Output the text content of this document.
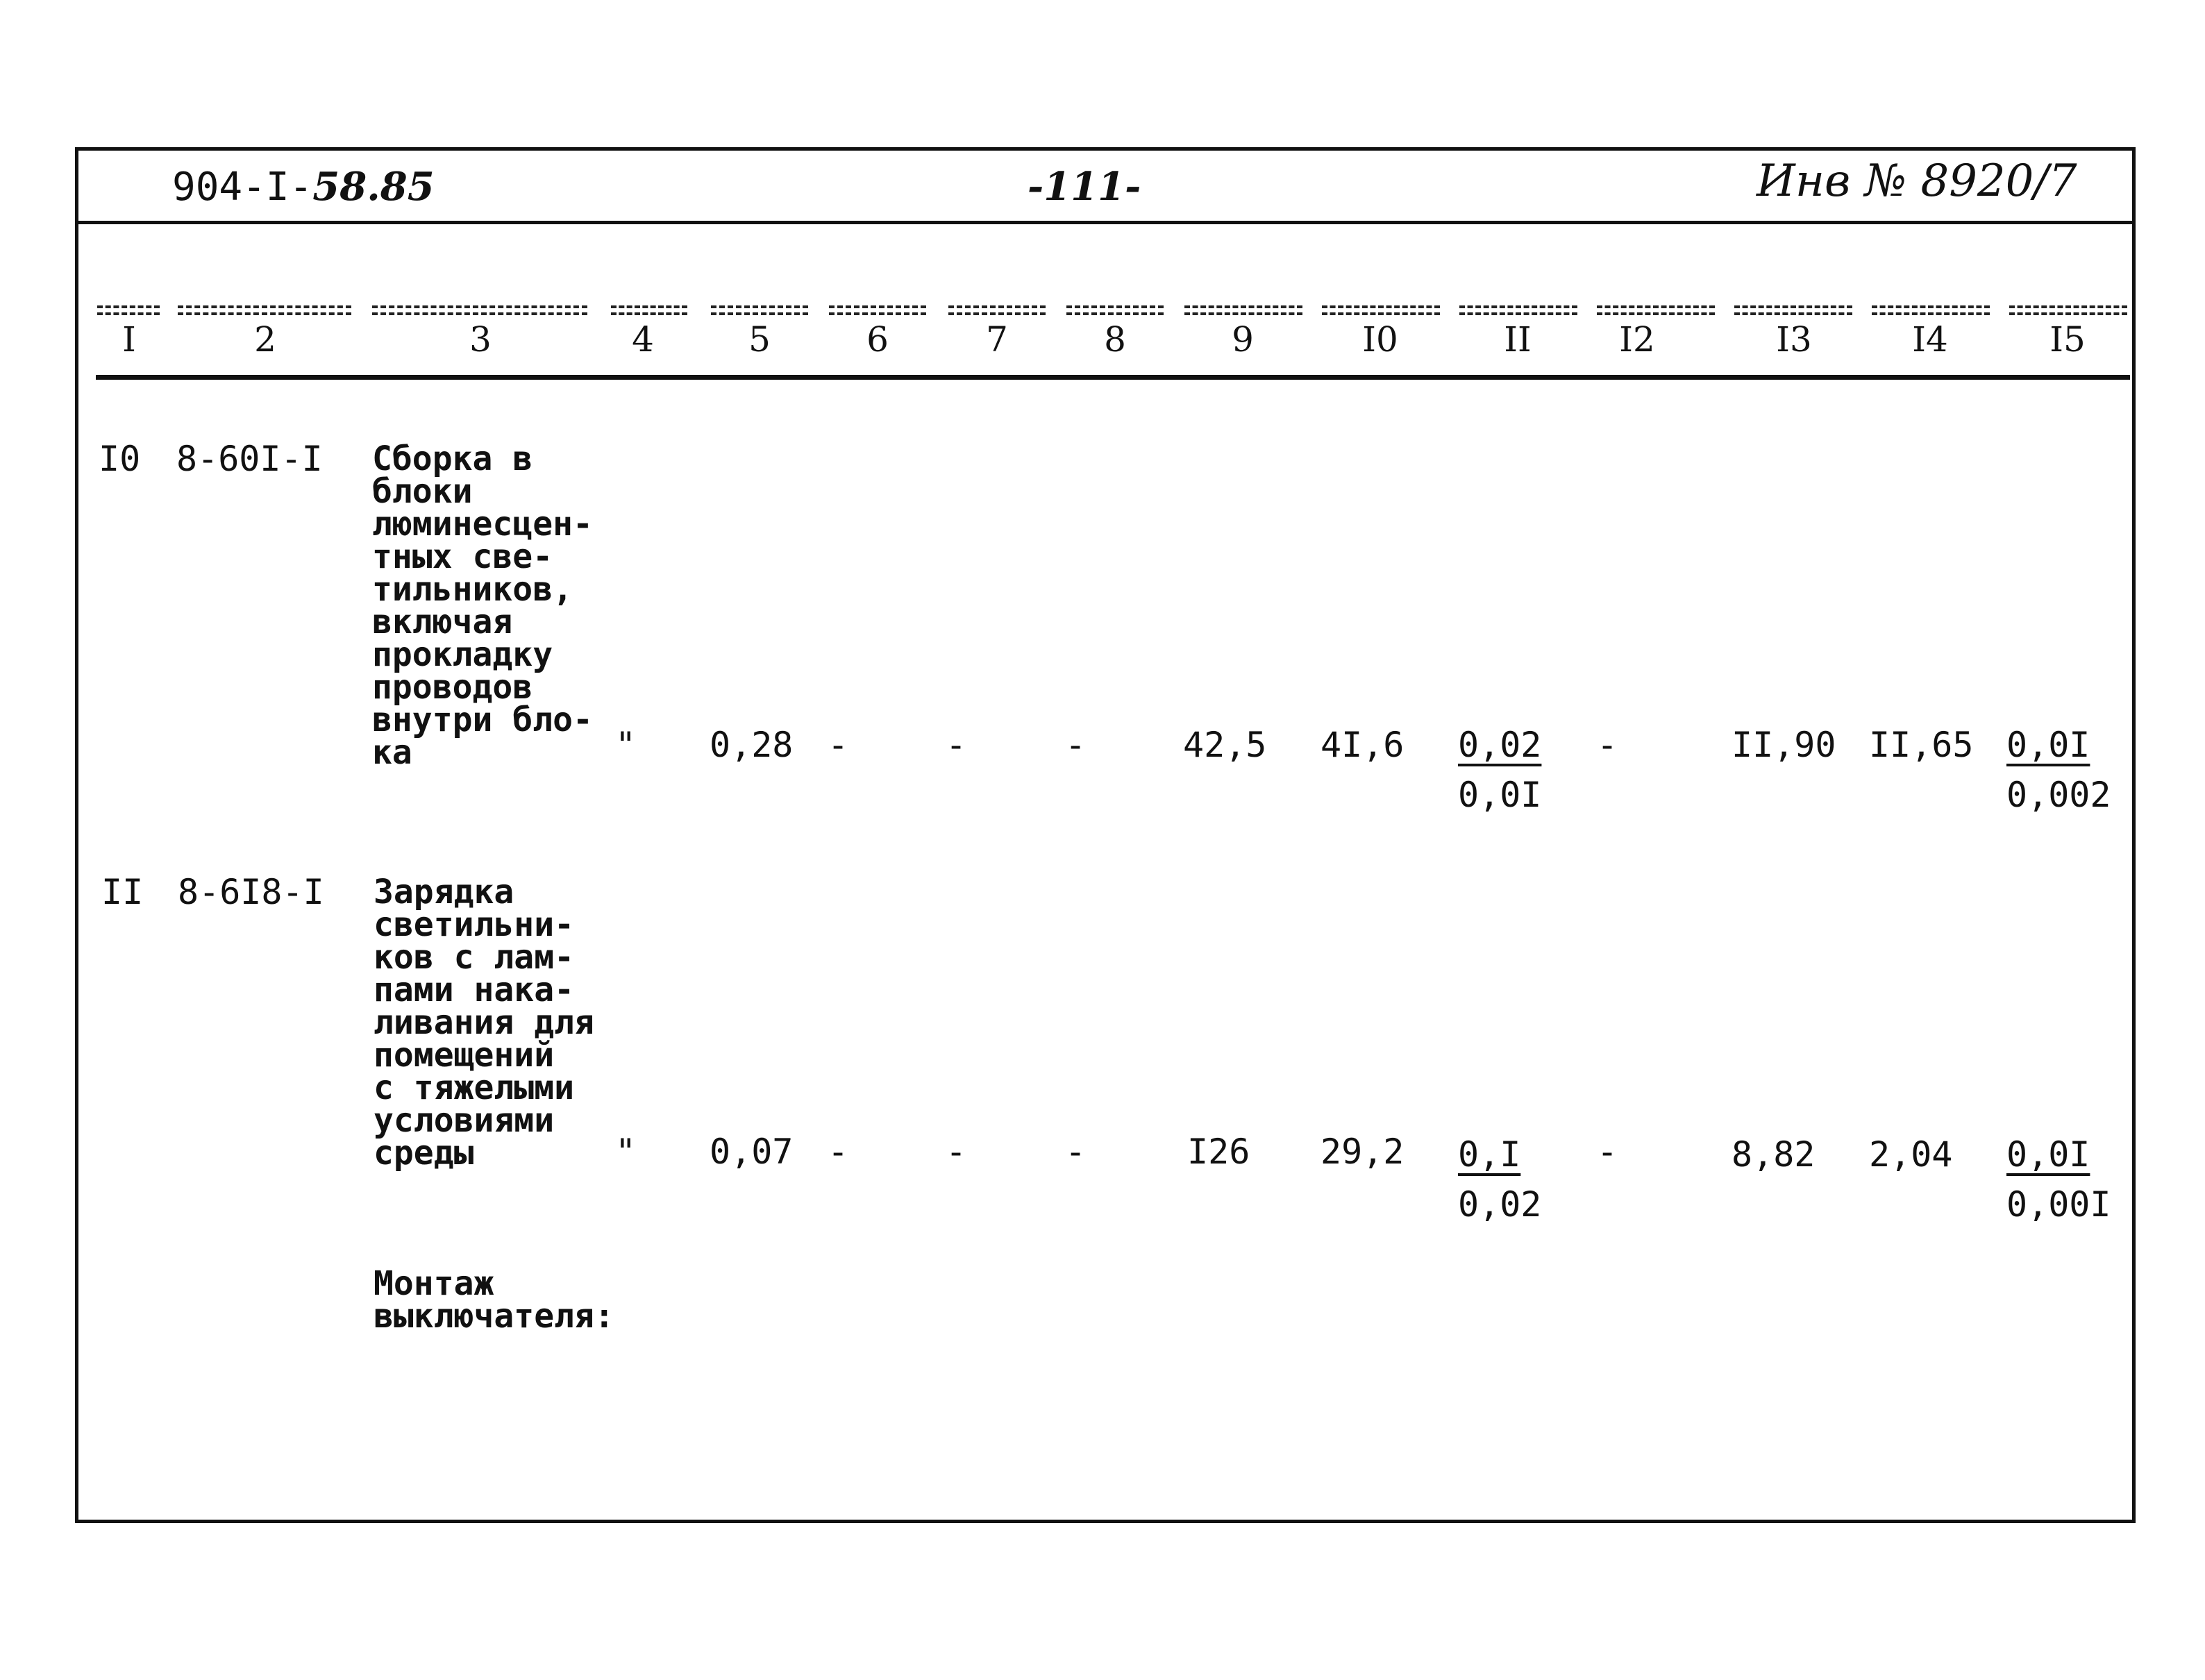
904-I-58.85	-111-	Инв № 8920/7
I	2	3	4	5	6	7	8	9	I0	II	I2	I3	I4	I5
I0 8-60I-I Сборка в
блоки
люминесцен-
тных све-
тильников,
включая
прокладку
проводов
внутри бло-
ка	" 0,28 -	-	-	42,5 $4I,6 \frac{0,02}{0,0I}$ -	II,90 $II,65 \frac{0,0I}{0,002}$
II 8-6I8-I Зарядка
светильни-
ков с лам-
пами нака-
ливания для
помещений
с тяжелыми
условиями
среды	" 0,07 -	-	-	I26 $29,2 \frac{0,I}{0,02}$ -	8,82 $2,04 \frac{0,0I}{0,00I}$
Монтаж
выключателя:
